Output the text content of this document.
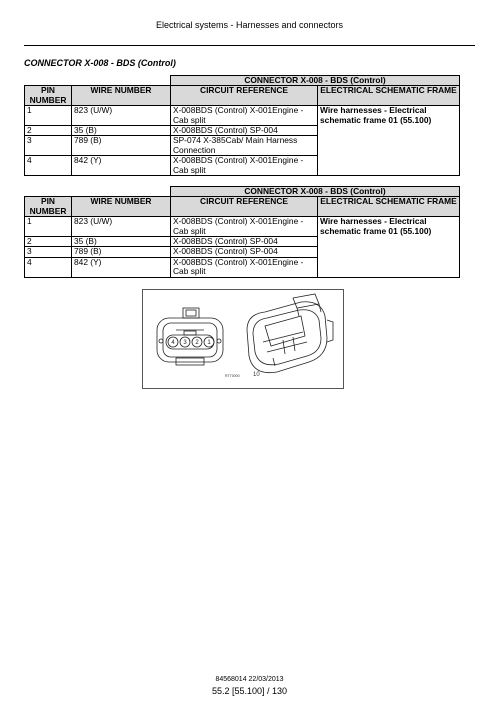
Electrical systems - Harnesses and connectors
CONNECTOR X-008 - BDS (Control)
		CONNECTOR X-008 - BDS (Control)	
PIN NUMBER	WIRE NUMBER	CIRCUIT REFERENCE	ELECTRICAL SCHEMATIC FRAME
1	823 (U/W)	X-008BDS (Control) X-001Engine - Cab split	Wire harnesses - Electrical schematic frame 01 (55.100)
2	35 (B)	X-008BDS (Control) SP-004	
3	789 (B)	SP-074 X-385Cab/ Main Harness Connection	
4	842 (Y)	X-008BDS (Control) X-001Engine - Cab split	
		CONNECTOR X-008 - BDS (Control)	
PIN NUMBER	WIRE NUMBER	CIRCUIT REFERENCE	ELECTRICAL SCHEMATIC FRAME
1	823 (U/W)	X-008BDS (Control) X-001Engine - Cab split	Wire harnesses - Electrical schematic frame 01 (55.100)
2	35 (B)	X-008BDS (Control) SP-004	
3	789 (B)	X-008BDS (Control) SP-004	
4	842 (Y)	X-008BDS (Control) X-001Engine - Cab split	
4 3 2 1
RTT0000 10
84568014 22/03/2013
55.2 [55.100] / 130
